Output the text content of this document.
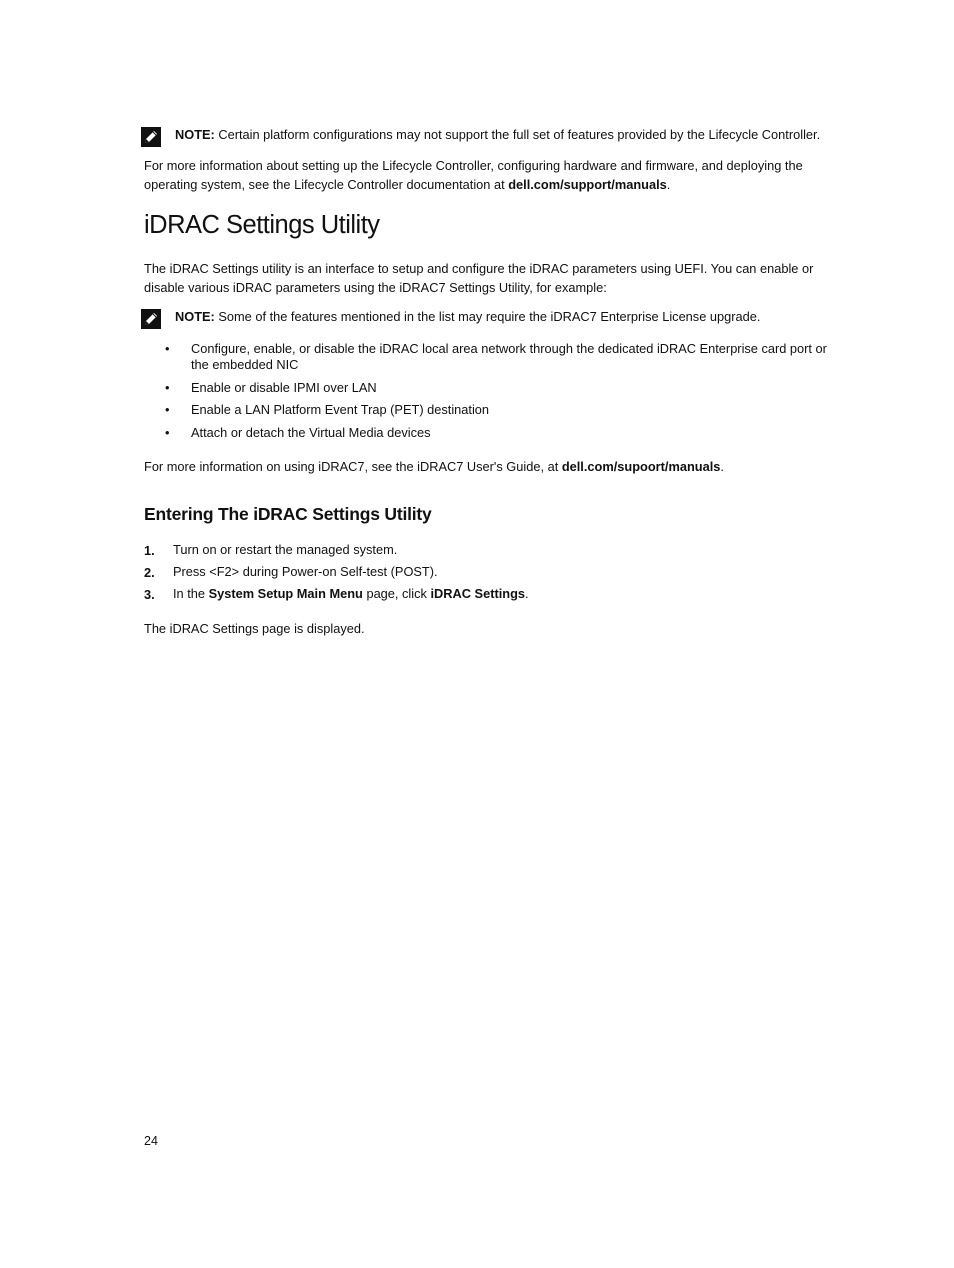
NOTE: Certain platform configurations may not support the full set of features provided by the Lifecycle Controller.

For more information about setting up the Lifecycle Controller, configuring hardware and firmware, and deploying the operating system, see the Lifecycle Controller documentation at dell.com/support/manuals.

iDRAC Settings Utility

The iDRAC Settings utility is an interface to setup and configure the iDRAC parameters using UEFI. You can enable or disable various iDRAC parameters using the iDRAC7 Settings Utility, for example:

NOTE: Some of the features mentioned in the list may require the iDRAC7 Enterprise License upgrade.
• Configure, enable, or disable the iDRAC local area network through the dedicated iDRAC Enterprise card port or the embedded NIC
• Enable or disable IPMI over LAN
• Enable a LAN Platform Event Trap (PET) destination
• Attach or detach the Virtual Media devices

For more information on using iDRAC7, see the iDRAC7 User's Guide, at dell.com/supoort/manuals.

Entering The iDRAC Settings Utility
1. Turn on or restart the managed system.
2. Press <F2> during Power-on Self-test (POST).
3. In the System Setup Main Menu page, click iDRAC Settings.

The iDRAC Settings page is displayed.

24
